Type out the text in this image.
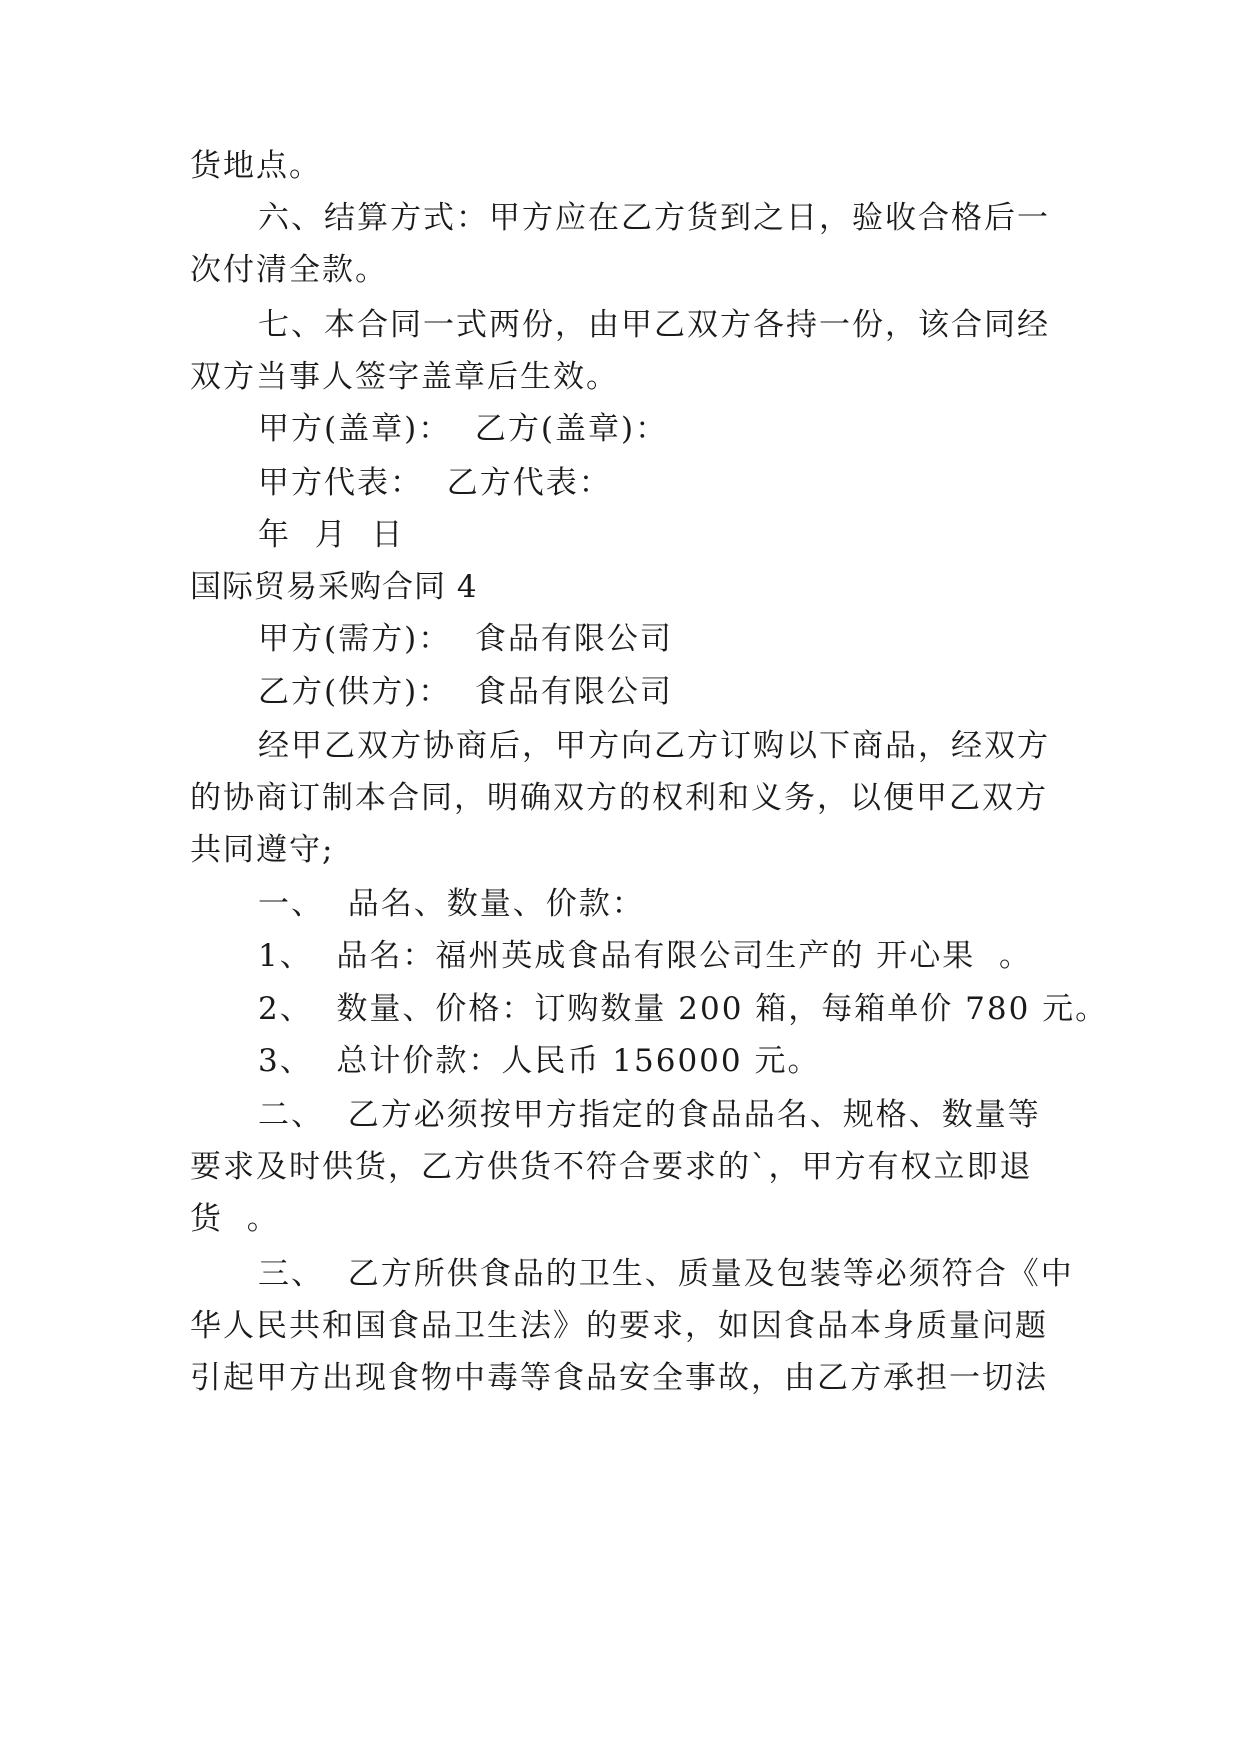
货地点。
六、结算方式：甲方应在乙方货到之日，验收合格后一
次付清全款。
七、本合同一式两份，由甲乙双方各持一份，该合同经
双方当事人签字盖章后生效。
甲方(盖章)：  乙方(盖章)：
甲方代表：  乙方代表：
年  月  日
国际贸易采购合同 4
甲方(需方)：  食品有限公司
乙方(供方)：  食品有限公司
经甲乙双方协商后，甲方向乙方订购以下商品，经双方
的协商订制本合同，明确双方的权利和义务，以便甲乙双方
共同遵守;
一、  品名、数量、价款：
1、  品名：福州英成食品有限公司生产的 开心果  。
2、  数量、价格：订购数量 200 箱，每箱单价 780 元。
3、  总计价款：人民币 156000 元。
二、  乙方必须按甲方指定的食品品名、规格、数量等
要求及时供货，乙方供货不符合要求的`，甲方有权立即退
货  。
三、  乙方所供食品的卫生、质量及包装等必须符合《中
华人民共和国食品卫生法》的要求，如因食品本身质量问题
引起甲方出现食物中毒等食品安全事故，由乙方承担一切法
